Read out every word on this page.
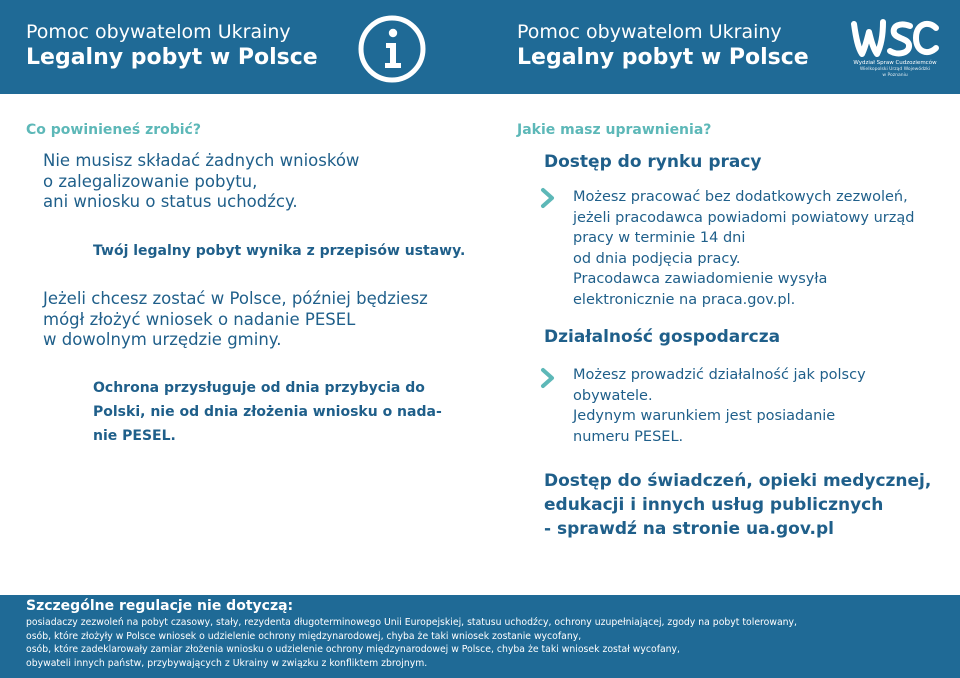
Pomoc obywatelom Ukrainy
Legalny pobyt w Polsce
Pomoc obywatelom Ukrainy
Legalny pobyt w Polsce	Wydział Spraw Cudzoziemców
Wielkopolski Urząd Wojewódzki
w Poznaniu
Co powinieneś zrobić?
Nie musisz składać żadnych wniosków
o zalegalizowanie pobytu,
ani wniosku o status uchodźcy.
Twój legalny pobyt wynika z przepisów ustawy.
Jeżeli chcesz zostać w Polsce, później będziesz
mógł złożyć wniosek o nadanie PESEL
w dowolnym urzędzie gminy.
Ochrona przysługuje od dnia przybycia do
Polski, nie od dnia złożenia wniosku o nada-
nie PESEL.
Jakie masz uprawnienia?
Dostęp do rynku pracy
Możesz pracować bez dodatkowych zezwoleń,
jeżeli pracodawca powiadomi powiatowy urząd
pracy w terminie 14 dni
od dnia podjęcia pracy.
Pracodawca zawiadomienie wysyła
elektronicznie na praca.gov.pl.
Działalność gospodarcza
Możesz prowadzić działalność jak polscy
obywatele.
Jedynym warunkiem jest posiadanie
numeru PESEL.
Dostęp do świadczeń, opieki medycznej,
edukacji i innych usług publicznych
- sprawdź na stronie ua.gov.pl
Szczególne regulacje nie dotyczą:
posiadaczy zezwoleń na pobyt czasowy, stały, rezydenta długoterminowego Unii Europejskiej, statusu uchodźcy, ochrony uzupełniającej, zgody na pobyt tolerowany,
osób, które złożyły w Polsce wniosek o udzielenie ochrony międzynarodowej, chyba że taki wniosek zostanie wycofany,
osób, które zadeklarowały zamiar złożenia wniosku o udzielenie ochrony międzynarodowej w Polsce, chyba że taki wniosek został wycofany,
obywateli innych państw, przybywających z Ukrainy w związku z konfliktem zbrojnym.
